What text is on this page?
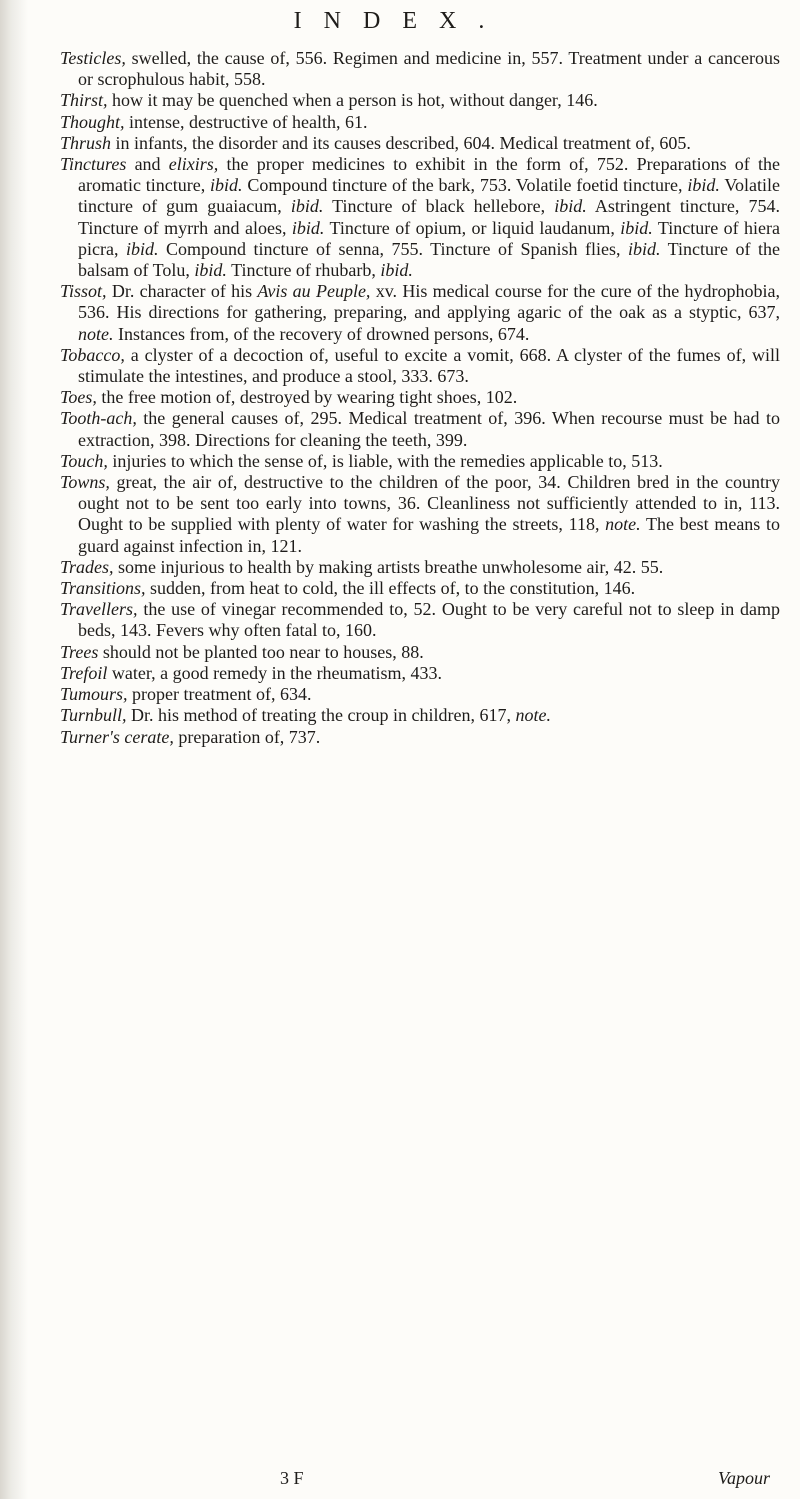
INDEX.

Testicles, swelled, the cause of, 556. Regimen and medicine in, 557. Treatment under a cancerous or scrophulous habit, 558.

Thirst, how it may be quenched when a person is hot, without danger, 146.

Thought, intense, destructive of health, 61.

Thrush in infants, the disorder and its causes described, 604. Medical treatment of, 605.

Tinctures and elixirs, the proper medicines to exhibit in the form of, 752. Preparations of the aromatic tincture, ibid. Compound tincture of the bark, 753. Volatile foetid tincture, ibid. Volatile tincture of gum guaiacum, ibid. Tincture of black hellebore, ibid. Astringent tincture, 754. Tincture of myrrh and aloes, ibid. Tincture of opium, or liquid laudanum, ibid. Tincture of hiera picra, ibid. Compound tincture of senna, 755. Tincture of Spanish flies, ibid. Tincture of the balsam of Tolu, ibid. Tincture of rhubarb, ibid.

Tissot, Dr. character of his Avis au Peuple, xv. His medical course for the cure of the hydrophobia, 536. His directions for gathering, preparing, and applying agaric of the oak as a styptic, 637, note. Instances from, of the recovery of drowned persons, 674.

Tobacco, a clyster of a decoction of, useful to excite a vomit, 668. A clyster of the fumes of, will stimulate the intestines, and produce a stool, 333. 673.

Toes, the free motion of, destroyed by wearing tight shoes, 102.

Tooth-ach, the general causes of, 295. Medical treatment of, 396. When recourse must be had to extraction, 398. Directions for cleaning the teeth, 399.

Touch, injuries to which the sense of, is liable, with the remedies applicable to, 513.

Towns, great, the air of, destructive to the children of the poor, 34. Children bred in the country ought not to be sent too early into towns, 36. Cleanliness not sufficiently attended to in, 113. Ought to be supplied with plenty of water for washing the streets, 118, note. The best means to guard against infection in, 121.

Trades, some injurious to health by making artists breathe unwholesome air, 42. 55.

Transitions, sudden, from heat to cold, the ill effects of, to the constitution, 146.

Travellers, the use of vinegar recommended to, 52. Ought to be very careful not to sleep in damp beds, 143. Fevers why often fatal to, 160.

Trees should not be planted too near to houses, 88.

Trefoil water, a good remedy in the rheumatism, 433.

Tumours, proper treatment of, 634.

Turnbull, Dr. his method of treating the croup in children, 617, note.

Turner's cerate, preparation of, 737.

3 F	Vapour
